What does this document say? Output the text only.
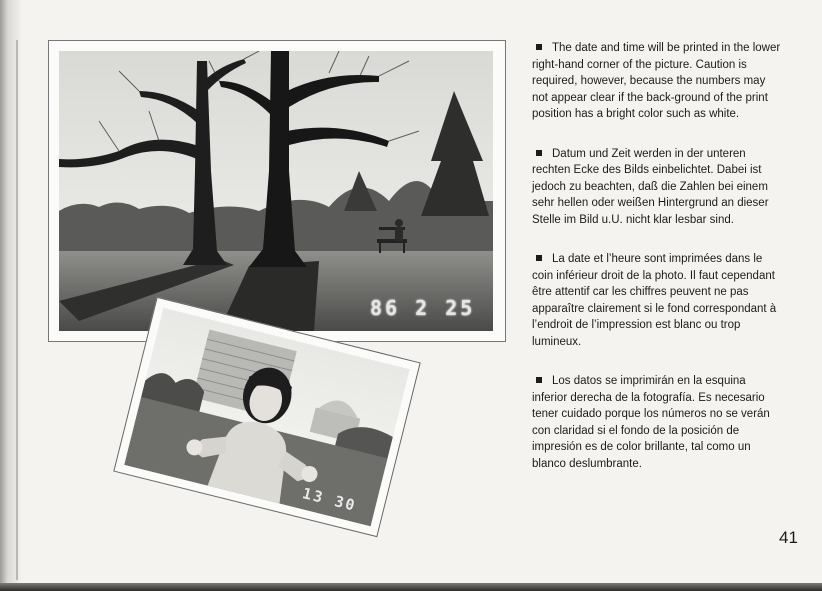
86 2 25
13 30

The date and time will be printed in the lower right-hand corner of the picture. Caution is required, however, because the numbers may not appear clear if the back-ground of the print position has a bright color such as white.

Datum und Zeit werden in der unteren rechten Ecke des Bilds einbelichtet. Dabei ist jedoch zu beachten, daß die Zahlen bei einem sehr hellen oder weißen Hintergrund an dieser Stelle im Bild u.U. nicht klar lesbar sind.

La date et l’heure sont imprimées dans le coin inférieur droit de la photo. Il faut cependant être attentif car les chiffres peuvent ne pas apparaître clairement si le fond correspondant à l’endroit de l’impression est blanc ou trop lumineux.

Los datos se imprimirán en la esquina inferior derecha de la fotografía. Es necesario tener cuidado porque los números no se verán con claridad si el fondo de la posición de impresión es de color brillante, tal como un blanco deslumbrante.

41
